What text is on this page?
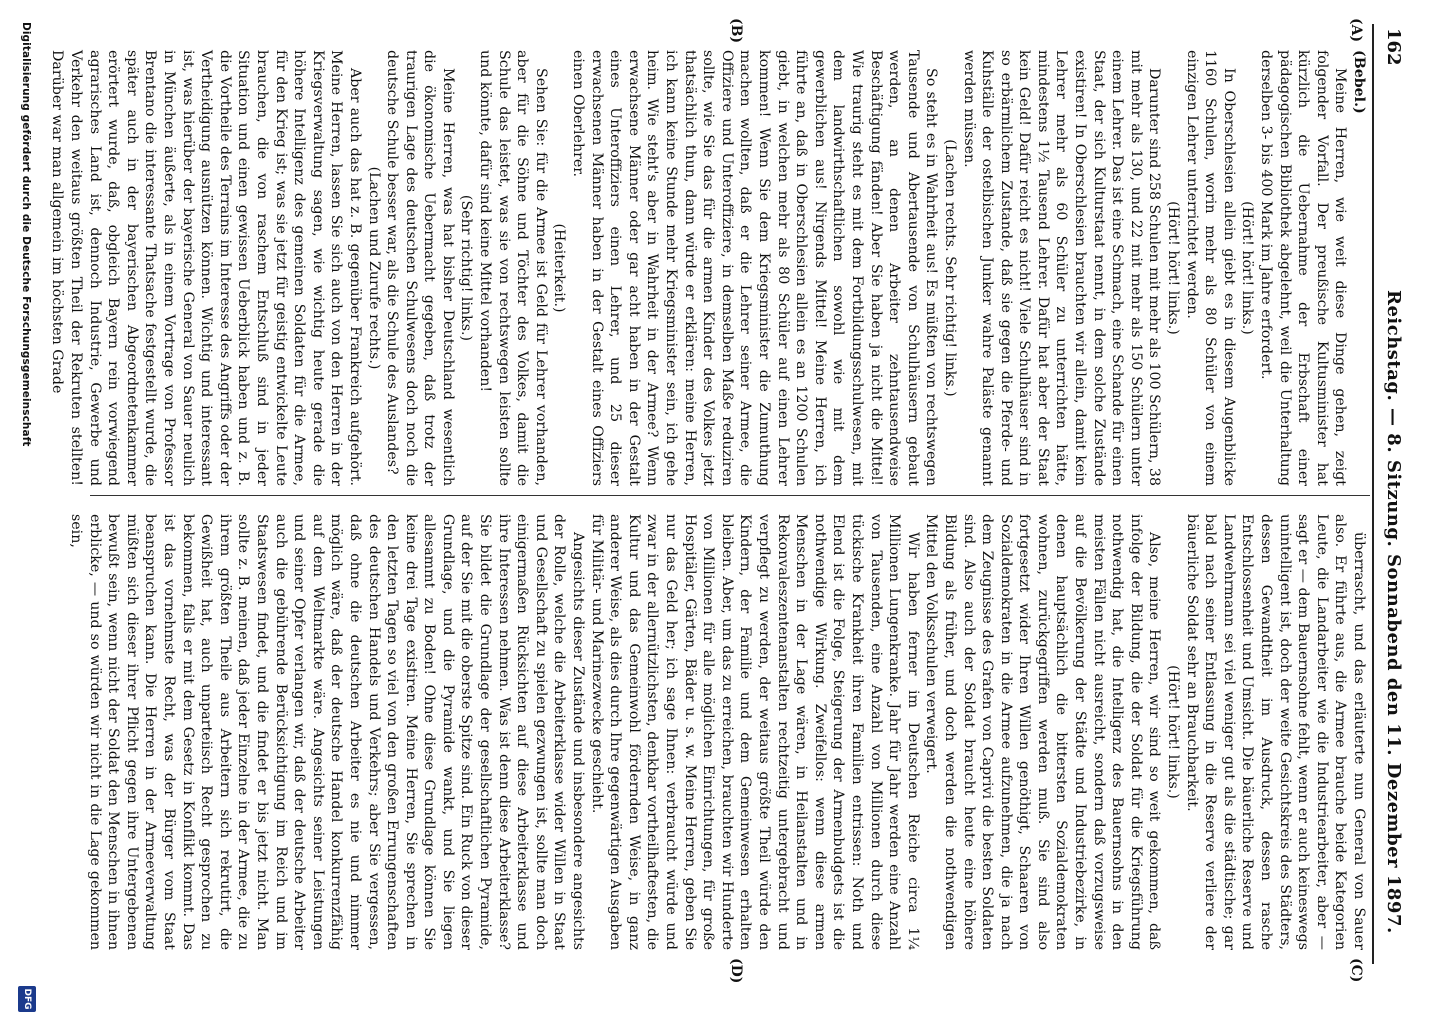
162
Reichstag. — 8. Sitzung. Sonnabend den 11. Dezember 1897.
(A)
(B)
(C)
(D)

(Bebel.)

Meine Herren, wie weit diese Dinge gehen, zeigt folgender Vorfall. Der preußische Kultusminister hat kürzlich die Uebernahme der Erbschaft einer pädagogischen Bibliothek abgelehnt, weil die Unterhaltung derselben 3- bis 400 Mark im Jahre erfordert.

(Hört! hört! links.)

In Oberschlesien allein giebt es in diesem Augenblicke 1160 Schulen, worin mehr als 80 Schüler von einem einzigen Lehrer unterrichtet werden.

(Hört! hört! links.)

Darunter sind 258 Schulen mit mehr als 100 Schülern, 38 mit mehr als 130, und 22 mit mehr als 150 Schülern unter einem Lehrer. Das ist eine Schmach, eine Schande für einen Staat, der sich Kulturstaat nennt, in dem solche Zustände existiren! In Oberschlesien brauchten wir allein, damit kein Lehrer mehr als 60 Schüler zu unterrichten hätte, mindestens 1½ Tausend Lehrer. Dafür hat aber der Staat kein Geld! Dafür reicht es nicht! Viele Schulhäuser sind in so erbärmlichem Zustande, daß sie gegen die Pferde- und Kuhställe der ostelbischen Junker wahre Paläste genannt werden müssen.

(Lachen rechts. Sehr richtig! links.)

So steht es in Wahrheit aus! Es müßten von rechtswegen Tausende und Abertausende von Schulhäusern gebaut werden, an denen Arbeiter zehntausendweise Beschäftigung fänden! Aber Sie haben ja nicht die Mittel! Wie traurig steht es mit dem Fortbildungsschulwesen, mit dem landwirthschaftlichen sowohl wie mit dem gewerblichen aus! Nirgends Mittel! Meine Herren, ich führte an, daß in Oberschlesien allein es an 1200 Schulen giebt, in welchen mehr als 80 Schüler auf einen Lehrer kommen! Wenn Sie dem Kriegsminister die Zumuthung machen wollten, daß er die Lehrer seiner Armee, die Offiziere und Unteroffiziere, in demselben Maße reduziren sollte, wie Sie das für die armen Kinder des Volkes jetzt thatsächlich thun, dann würde er erklären: meine Herren, ich kann keine Stunde mehr Kriegsminister sein, ich gehe heim. Wie steht's aber in Wahrheit in der Armee? Wenn erwachsene Männer oder gar acht haben in der Gestalt eines Unteroffiziers einen Lehrer, und 25 dieser erwachsenen Männer haben in der Gestalt eines Offiziers einen Oberlehrer.

(Heiterkeit.)

Sehen Sie: für die Armee ist Geld für Lehrer vorhanden, aber für die Söhne und Töchter des Volkes, damit die Schule das leistet, was sie von rechtswegen leisten sollte und könnte, dafür sind keine Mittel vorhanden!

(Sehr richtig! links.)

Meine Herren, was hat bisher Deutschland wesentlich die ökonomische Uebermacht gegeben, daß trotz der traurigen Lage des deutschen Schulwesens doch noch die deutsche Schule besser war, als die Schule des Auslandes?

(Lachen und Zurufe rechts.)

Aber auch das hat z. B. gegenüber Frankreich aufgehört. Meine Herren, lassen Sie sich auch von den Herren in der Kriegsverwaltung sagen, wie wichtig heute gerade die höhere Intelligenz des gemeinen Soldaten für die Armee, für den Krieg ist; was sie jetzt für geistig entwickelte Leute brauchen, die von raschem Entschluß sind in jeder Situation und einen gewissen Ueberblick haben und z. B. die Vortheile des Terrains im Interesse des Angriffs oder der Vertheidigung ausnützen können. Wichtig und interessant ist, was hierüber der bayerische General von Sauer neulich in München äußerte, als in einem Vortrage von Professor Brentano die interessante Thatsache festgestellt wurde, die später auch in der bayerischen Abgeordnetenkammer erörtert wurde, daß, obgleich Bayern rein vorwiegend agrarisches Land ist, dennoch Industrie, Gewerbe und Verkehr den weitaus größten Theil der Rekruten stellten! Darüber war man allgemein im höchsten Grade

überrascht, und das erläuterte nun General von Sauer also. Er führte aus, die Armee brauche beide Kategorien Leute, die Landarbeiter wie die Industriearbeiter, aber — sagt er — dem Bauernsohne fehlt, wenn er auch keineswegs unintelligent ist, doch der weite Gesichtskreis des Städters, dessen Gewandtheit im Ausdruck, dessen rasche Entschlossenheit und Umsicht. Die bäuerliche Reserve und Landwehrmann sei viel weniger gut als die städtische; gar bald nach seiner Entlassung in die Reserve verliere der bäuerliche Soldat sehr an Brauchbarkeit.

(Hört! hört! links.)

Also, meine Herren, wir sind so weit gekommen, daß infolge der Bildung, die der Soldat für die Kriegsführung nothwendig hat, die Intelligenz des Bauernsohns in den meisten Fällen nicht ausreicht, sondern daß vorzugsweise auf die Bevölkerung der Städte und Industriebezirke, in denen hauptsächlich die bittersten Sozialdemokraten wohnen, zurückgegriffen werden muß. Sie sind also fortgesetzt wider Ihren Willen genöthigt, Schaaren von Sozialdemokraten in die Armee aufzunehmen, die ja nach dem Zeugnisse des Grafen von Caprivi die besten Soldaten sind. Also auch der Soldat braucht heute eine höhere Bildung als früher, und doch werden die nothwendigen Mittel den Volksschulen verweigert.

Wir haben ferner im Deutschen Reiche circa 1¼ Millionen Lungenkranke. Jahr für Jahr werden eine Anzahl von Tausenden, eine Anzahl von Millionen durch diese tückische Krankheit ihren Familien entrissen: Noth und Elend ist die Folge, Steigerung der Armenbudgets ist die nothwendige Wirkung. Zweifellos: wenn diese armen Menschen in der Lage wären, in Heilanstalten und in Rekonvaleszentenanstalten rechtzeitig untergebracht und verpflegt zu werden, der weitaus größte Theil würde den Kindern, der Familie und dem Gemeinwesen erhalten bleiben. Aber, um das zu erreichen, brauchten wir Hunderte von Millionen für alle möglichen Einrichtungen, für große Hospitäler, Gärten, Bäder u. s. w. Meine Herren, geben Sie nur das Geld her; ich sage Ihnen: verbraucht würde und zwar in der allernützlichsten, denkbar vortheilhaftesten, die Kultur und das Gemeinwohl fördernden Weise, in ganz anderer Weise, als dies durch Ihre gegenwärtigen Ausgaben für Militär- und Marinezwecke geschieht.

Angesichts dieser Zustände und insbesondere angesichts der Rolle, welche die Arbeiterklasse wider Willen in Staat und Gesellschaft zu spielen gezwungen ist, sollte man doch einigermaßen Rücksichten auf diese Arbeiterklasse und ihre Interessen nehmen. Was ist denn diese Arbeiterklasse? Sie bildet die Grundlage der gesellschaftlichen Pyramide, auf der Sie mit die oberste Spitze sind. Ein Ruck von dieser Grundlage, und die Pyramide wankt, und Sie liegen allesammt zu Boden! Ohne diese Grundlage können Sie keine drei Tage existiren. Meine Herren, Sie sprechen in den letzten Tagen so viel von den großen Errungenschaften des deutschen Handels und Verkehrs; aber Sie vergessen, daß ohne die deutschen Arbeiter es nie und nimmer möglich wäre, daß der deutsche Handel konkurrenzfähig auf dem Weltmarkte wäre. Angesichts seiner Leistungen und seiner Opfer verlangen wir, daß der deutsche Arbeiter auch die gebührende Berücksichtigung im Reich und im Staatswesen findet, und die findet er bis jetzt nicht. Man sollte z. B. meinen, daß jeder Einzelne in der Armee, die zu ihrem größten Theile aus Arbeitern sich rekrutirt, die Gewißheit hat, auch unparteiisch Recht gesprochen zu bekommen, falls er mit dem Gesetz in Konflikt kommt. Das ist das vornehmste Recht, was der Bürger vom Staat beanspruchen kann. Die Herren in der Armeeverwaltung müßten sich dieser ihrer Pflicht gegen ihre Untergebenen bewußt sein, wenn nicht der Soldat den Menschen in ihnen erblicke, — und so würden wir nicht in die Lage gekommen sein,

Digitalisierung gefördert durch die Deutsche Forschungsgemeinschaft
DFG
